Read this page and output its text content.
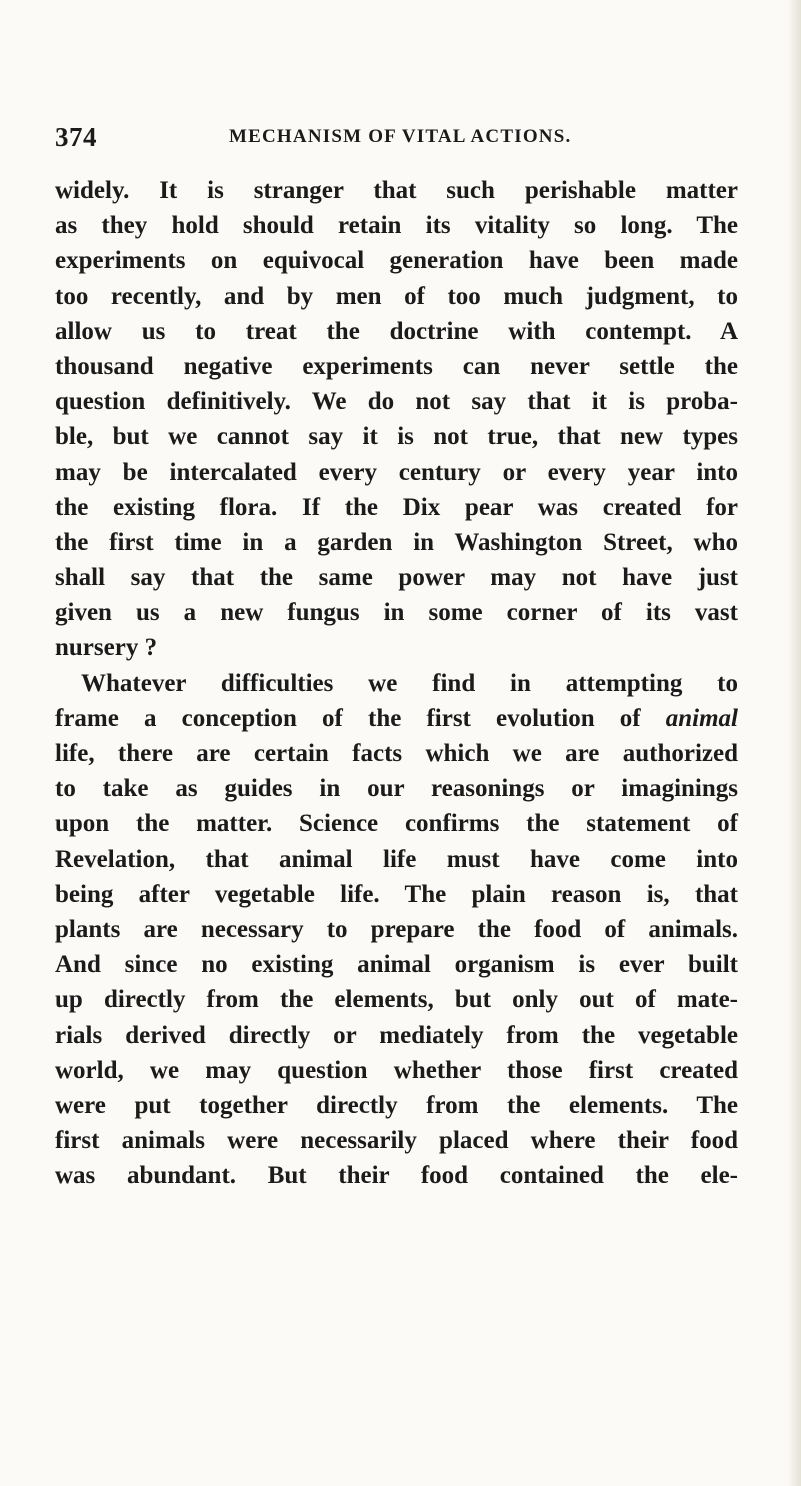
374	MECHANISM OF VITAL ACTIONS.
widely. It is stranger that such perishable matter
as they hold should retain its vitality so long. The
experiments on equivocal generation have been made
too recently, and by men of too much judgment, to
allow us to treat the doctrine with contempt. A
thousand negative experiments can never settle the
question definitively. We do not say that it is proba-
ble, but we cannot say it is not true, that new types
may be intercalated every century or every year into
the existing flora. If the Dix pear was created for
the first time in a garden in Washington Street, who
shall say that the same power may not have just
given us a new fungus in some corner of its vast
nursery ?
Whatever difficulties we find in attempting to
frame a conception of the first evolution of animal
life, there are certain facts which we are authorized
to take as guides in our reasonings or imaginings
upon the matter. Science confirms the statement of
Revelation, that animal life must have come into
being after vegetable life. The plain reason is, that
plants are necessary to prepare the food of animals.
And since no existing animal organism is ever built
up directly from the elements, but only out of mate-
rials derived directly or mediately from the vegetable
world, we may question whether those first created
were put together directly from the elements. The
first animals were necessarily placed where their food
was abundant. But their food contained the ele-
